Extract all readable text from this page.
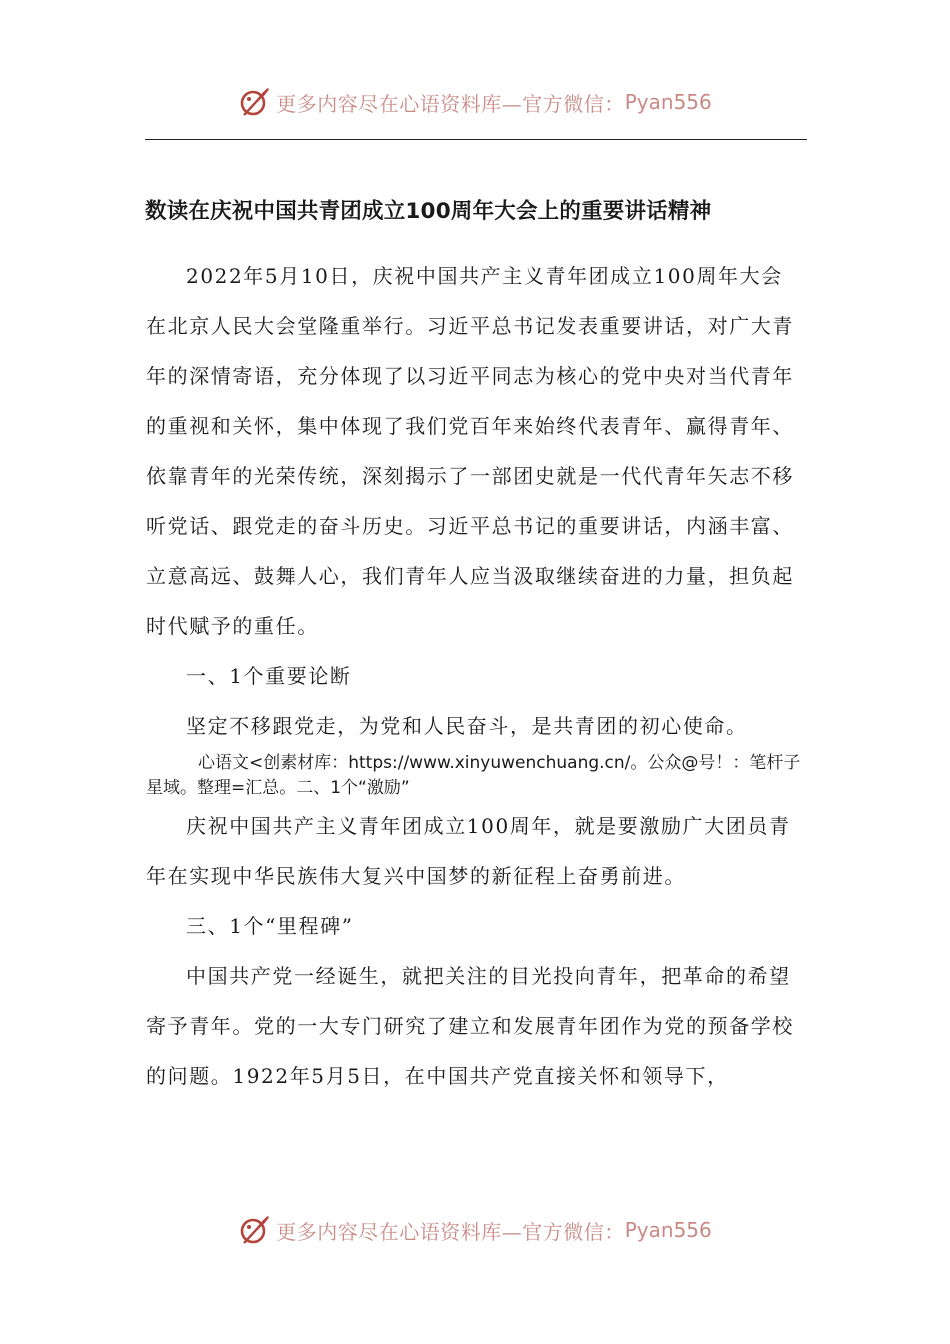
更多内容尽在心语资料库—官方微信： Pyan556
数读在庆祝中国共青团成立100周年大会上的重要讲话精神

2022年5月10日，庆祝中国共产主义青年团成立100周年大会在北京人民大会堂隆重举行。习近平总书记发表重要讲话，对广大青年的深情寄语，充分体现了以习近平同志为核心的党中央对当代青年的重视和关怀，集中体现了我们党百年来始终代表青年、赢得青年、依靠青年的光荣传统，深刻揭示了一部团史就是一代代青年矢志不移听党话、跟党走的奋斗历史。习近平总书记的重要讲话，内涵丰富、立意高远、鼓舞人心，我们青年人应当汲取继续奋进的力量，担负起时代赋予的重任。

一、1个重要论断

坚定不移跟党走，为党和人民奋斗，是共青团的初心使命。

心语文<创素材库：https://www.xinyuwenchuang.cn/。公众@号！：笔杆子星域。整理=汇总。二、1个“激励”

庆祝中国共产主义青年团成立100周年，就是要激励广大团员青年在实现中华民族伟大复兴中国梦的新征程上奋勇前进。

三、1个“里程碑”

中国共产党一经诞生，就把关注的目光投向青年，把革命的希望寄予青年。党的一大专门研究了建立和发展青年团作为党的预备学校的问题。1922年5月5日，在中国共产党直接关怀和领导下，

更多内容尽在心语资料库—官方微信： Pyan556
